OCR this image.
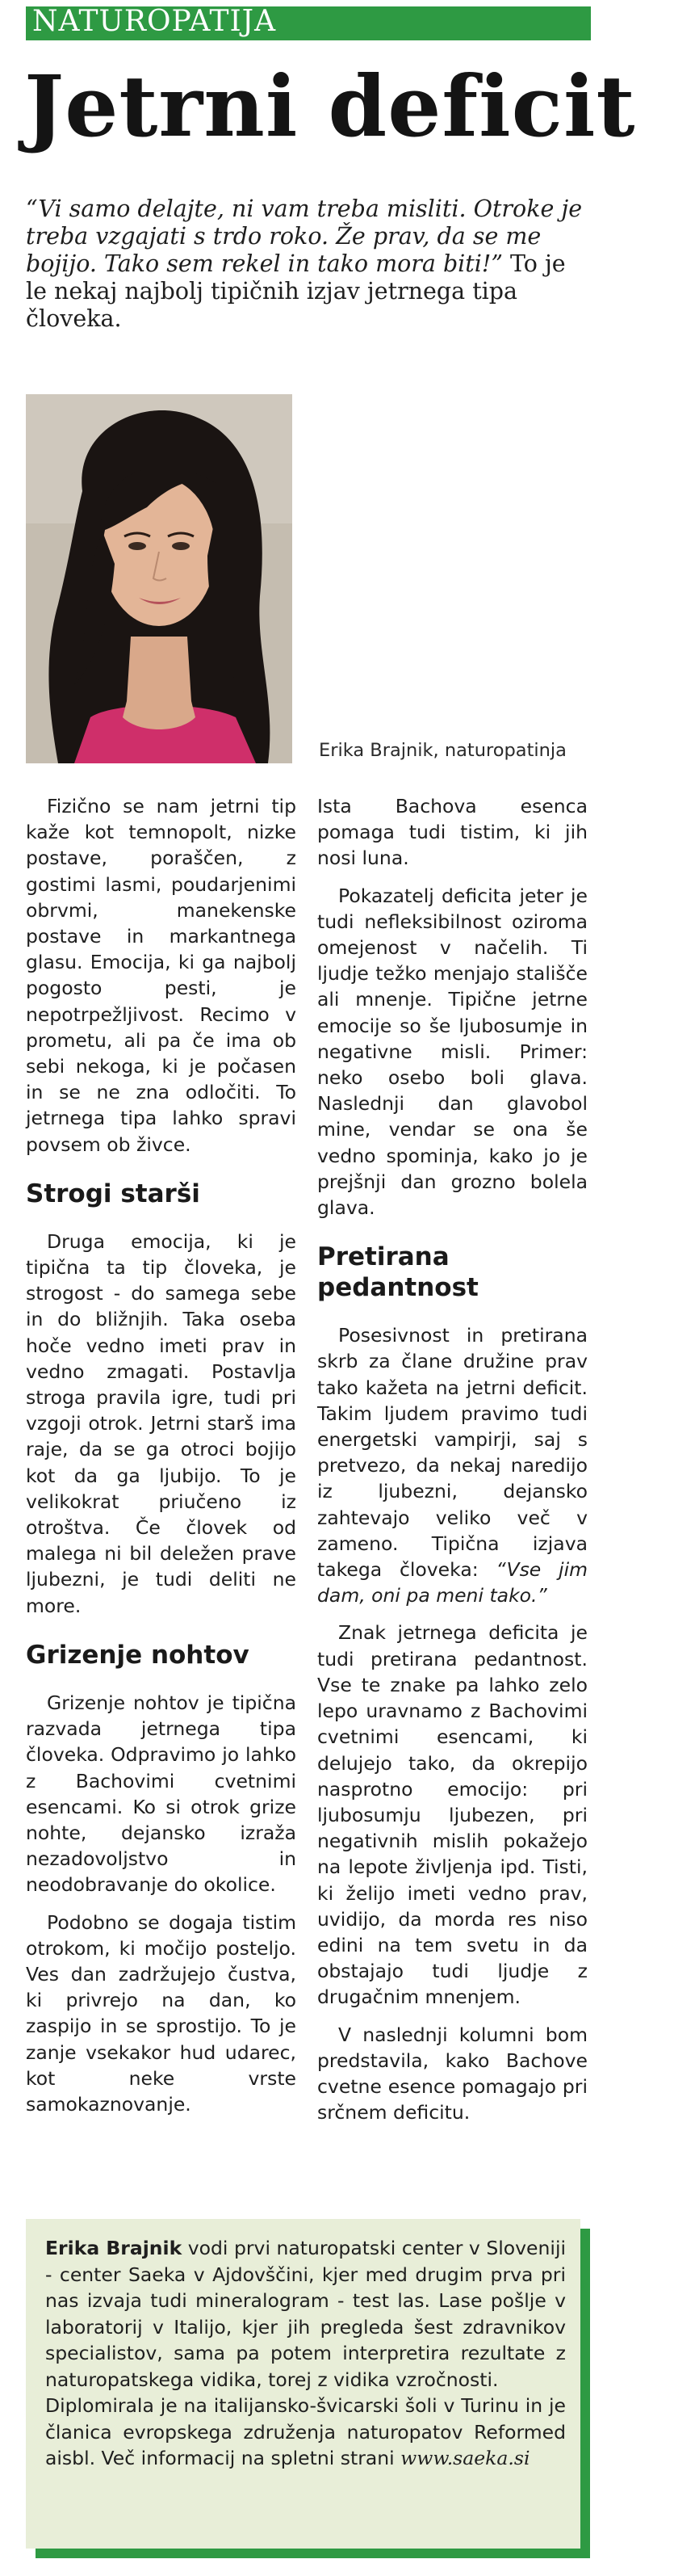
NATUROPATIJA
Jetrni deficit
“Vi samo delajte, ni vam treba misliti. Otroke je treba vzgajati s trdo roko. Že prav, da se me bojijo. Tako sem rekel in tako mora biti!” To je le nekaj najbolj tipičnih izjav jetrnega tipa človeka.
Erika Brajnik, naturopatinja

Fizično se nam jetrni tip kaže kot temnopolt, nizke postave, poraščen, z gostimi lasmi, poudarjenimi obrvmi, manekenske postave in markantnega glasu. Emocija, ki ga najbolj pogosto pesti, je nepotrpežljivost. Recimo v prometu, ali pa če ima ob sebi nekoga, ki je počasen in se ne zna odločiti. To jetrnega tipa lahko spravi povsem ob živce.

Strogi starši

Druga emocija, ki je tipična ta tip človeka, je strogost - do samega sebe in do bližnjih. Taka oseba hoče vedno imeti prav in vedno zmagati. Postavlja stroga pravila igre, tudi pri vzgoji otrok. Jetrni starš ima raje, da se ga otroci bojijo kot da ga ljubijo. To je velikokrat priučeno iz otroštva. Če človek od malega ni bil deležen prave ljubezni, je tudi deliti ne more.

Grizenje nohtov

Grizenje nohtov je tipična razvada jetrnega tipa človeka. Odpravimo jo lahko z Bachovimi cvetnimi esencami. Ko si otrok grize nohte, dejansko izraža nezadovoljstvo in neodobravanje do okolice.

Podobno se dogaja tistim otrokom, ki močijo posteljo. Ves dan zadržujejo čustva, ki privrejo na dan, ko zaspijo in se sprostijo. To je zanje vsekakor hud udarec, kot neke vrste samokaznovanje.

Ista Bachova esenca pomaga tudi tistim, ki jih nosi luna.

Pokazatelj deficita jeter je tudi nefleksibilnost oziroma omejenost v načelih. Ti ljudje težko menjajo stališče ali mnenje. Tipične jetrne emocije so še ljubosumje in negativne misli. Primer: neko osebo boli glava. Naslednji dan glavobol mine, vendar se ona še vedno spominja, kako jo je prejšnji dan grozno bolela glava.

Pretirana pedantnost

Posesivnost in pretirana skrb za člane družine prav tako kažeta na jetrni deficit. Takim ljudem pravimo tudi energetski vampirji, saj s pretvezo, da nekaj naredijo iz ljubezni, dejansko zahtevajo veliko več v zameno. Tipična izjava takega človeka: “Vse jim dam, oni pa meni tako.”

Znak jetrnega deficita je tudi pretirana pedantnost. Vse te znake pa lahko zelo lepo uravnamo z Bachovimi cvetnimi esencami, ki delujejo tako, da okrepijo nasprotno emocijo: pri ljubosumju ljubezen, pri negativnih mislih pokažejo na lepote življenja ipd. Tisti, ki želijo imeti vedno prav, uvidijo, da morda res niso edini na tem svetu in da obstajajo tudi ljudje z drugačnim mnenjem.

V naslednji kolumni bom predstavila, kako Bachove cvetne esence pomagajo pri srčnem deficitu.

Erika Brajnik vodi prvi naturopatski center v Sloveniji - center Saeka v Ajdovščini, kjer med drugim prva pri nas izvaja tudi mineralogram - test las. Lase pošlje v laboratorij v Italijo, kjer jih pregleda šest zdravnikov specialistov, sama pa potem interpretira rezultate z naturopatskega vidika, torej z vidika vzročnosti.

Diplomirala je na italijansko-švicarski šoli v Turinu in je članica evropskega združenja naturopatov Reformed aisbl. Več informacij na spletni strani www.saeka.si
